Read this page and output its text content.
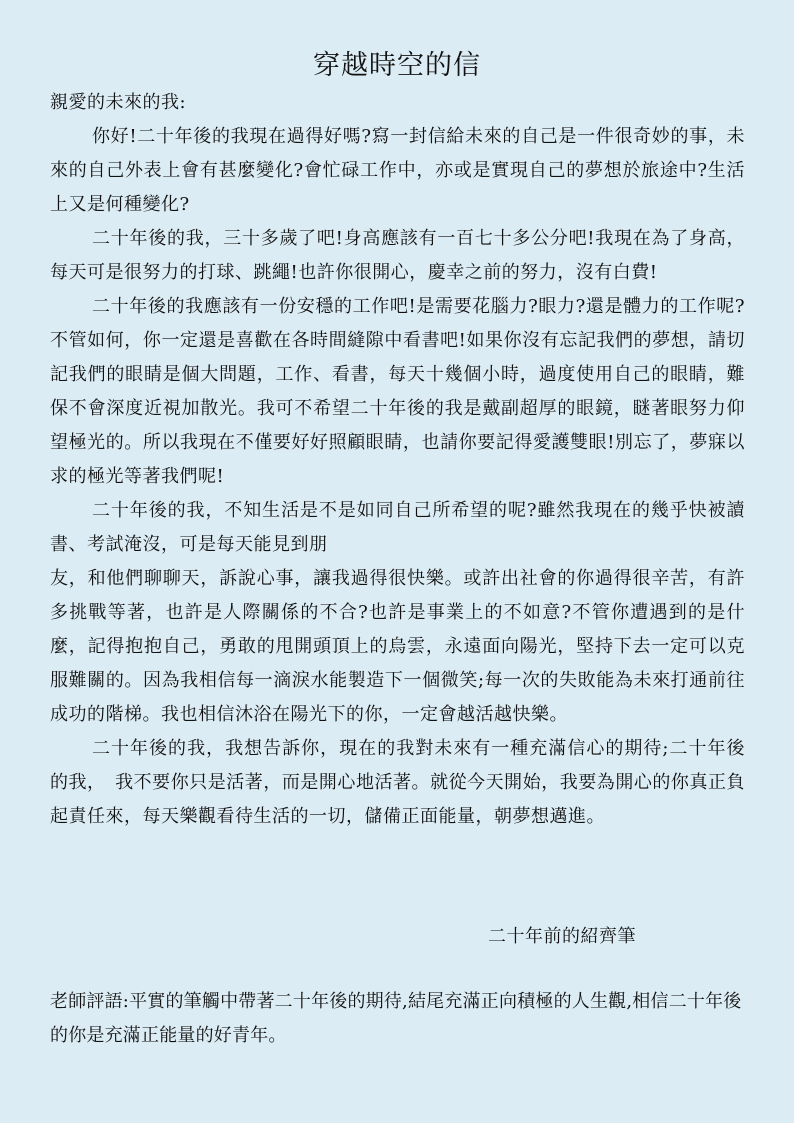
穿越時空的信

親愛的未來的我:

你好!二十年後的我現在過得好嗎?寫一封信給未來的自己是一件很奇妙的事，未來的自己外表上會有甚麼變化?會忙碌工作中，亦或是實現自己的夢想於旅途中?生活上又是何種變化?

二十年後的我，三十多歲了吧!身高應該有一百七十多公分吧!我現在為了身高，每天可是很努力的打球、跳繩!也許你很開心，慶幸之前的努力，沒有白費!

二十年後的我應該有一份安穩的工作吧!是需要花腦力?眼力?還是體力的工作呢?不管如何，你一定還是喜歡在各時間縫隙中看書吧!如果你沒有忘記我們的夢想，請切記我們的眼睛是個大問題，工作、看書，每天十幾個小時，過度使用自己的眼睛，難保不會深度近視加散光。我可不希望二十年後的我是戴副超厚的眼鏡，瞇著眼努力仰望極光的。所以我現在不僅要好好照顧眼睛，也請你要記得愛護雙眼!別忘了，夢寐以求的極光等著我們呢!

二十年後的我，不知生活是不是如同自己所希望的呢?雖然我現在的幾乎快被讀書、考試淹沒，可是每天能見到朋

友，和他們聊聊天，訴說心事，讓我過得很快樂。或許出社會的你過得很辛苦，有許多挑戰等著，也許是人際關係的不合?也許是事業上的不如意?不管你遭遇到的是什麼，記得抱抱自己，勇敢的甩開頭頂上的烏雲，永遠面向陽光，堅持下去一定可以克服難關的。因為我相信每一滴淚水能製造下一個微笑;每一次的失敗能為未來打通前往成功的階梯。我也相信沐浴在陽光下的你，一定會越活越快樂。

二十年後的我，我想告訴你，現在的我對未來有一種充滿信心的期待;二十年後的我，　我不要你只是活著，而是開心地活著。就從今天開始，我要為開心的你真正負起責任來，每天樂觀看待生活的一切，儲備正面能量，朝夢想邁進。

二十年前的紹齊筆

老師評語:平實的筆觸中帶著二十年後的期待,結尾充滿正向積極的人生觀,相信二十年後的你是充滿正能量的好青年。
